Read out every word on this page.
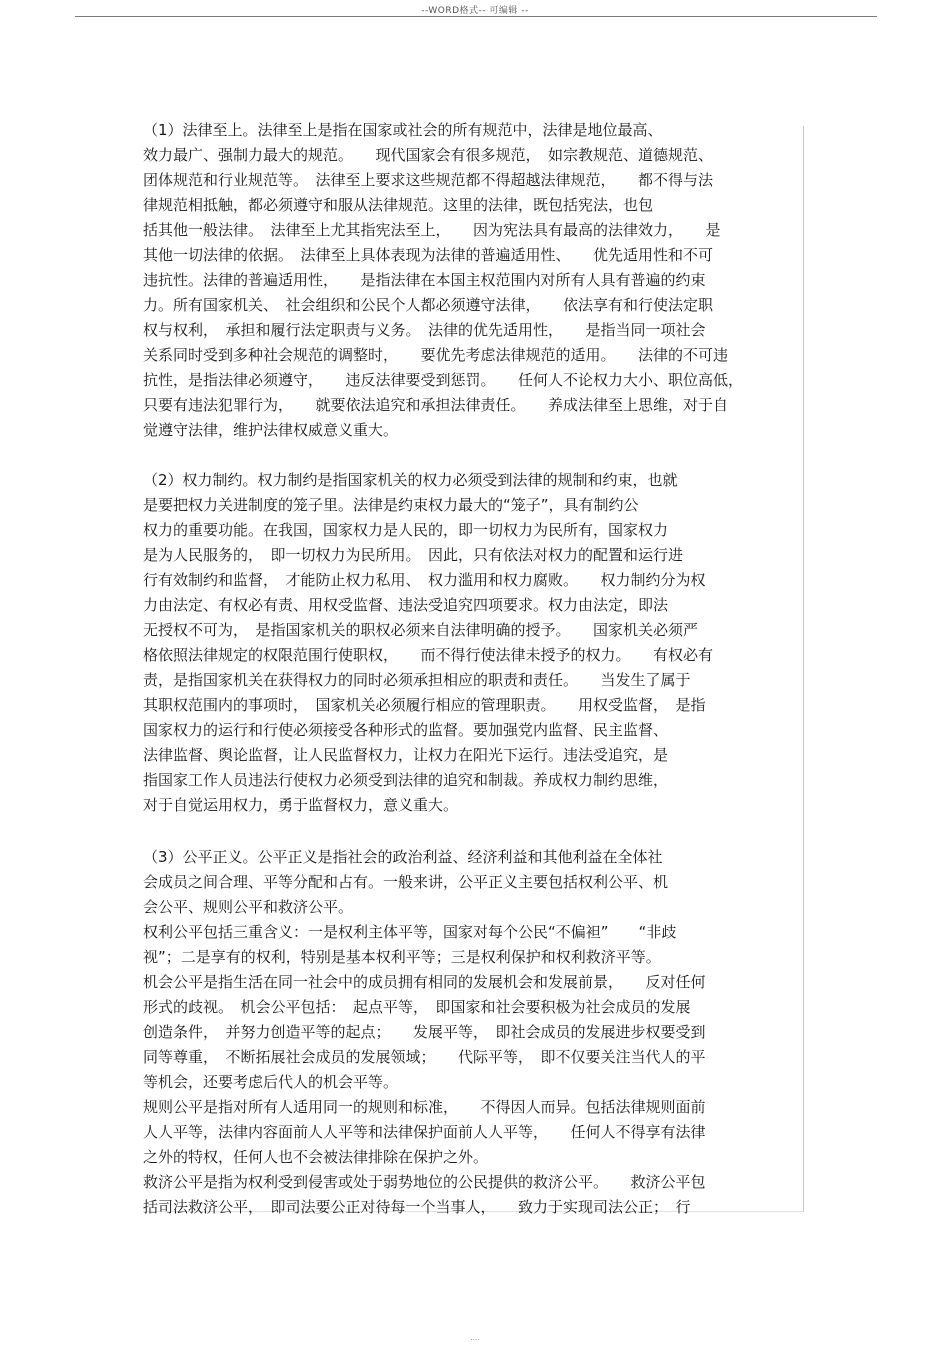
--WORD格式-- 可编辑 --
（1）法律至上。法律至上是指在国家或社会的所有规范中，法律是地位最高、
效力最广、强制力最大的规范。　　现代国家会有很多规范，　如宗教规范、道德规范、
团体规范和行业规范等。　法律至上要求这些规范都不得超越法律规范，　　都不得与法
律规范相抵触，都必须遵守和服从法律规范。这里的法律，既包括宪法，也包
括其他一般法律。　法律至上尤其指宪法至上，　　因为宪法具有最高的法律效力，　　是
其他一切法律的依据。　法律至上具体表现为法律的普遍适用性、　　优先适用性和不可
违抗性。法律的普遍适用性，　　是指法律在本国主权范围内对所有人具有普遍的约束
力。所有国家机关、　社会组织和公民个人都必须遵守法律，　　依法享有和行使法定职
权与权利，　承担和履行法定职责与义务。　法律的优先适用性，　　是指当同一项社会
关系同时受到多种社会规范的调整时，　　要优先考虑法律规范的适用。　　法律的不可违
抗性，是指法律必须遵守，　　违反法律要受到惩罚。　　任何人不论权力大小、职位高低，
只要有违法犯罪行为，　　就要依法追究和承担法律责任。　　养成法律至上思维，对于自
觉遵守法律，维护法律权威意义重大。
（2）权力制约。权力制约是指国家机关的权力必须受到法律的规制和约束，也就
是要把权力关进制度的笼子里。法律是约束权力最大的“笼子”，具有制约公
权力的重要功能。在我国，国家权力是人民的，即一切权力为民所有，国家权力
是为人民服务的，　即一切权力为民所用。　因此，只有依法对权力的配置和运行进
行有效制约和监督，　才能防止权力私用、　权力滥用和权力腐败。　　权力制约分为权
力由法定、有权必有责、用权受监督、违法受追究四项要求。权力由法定，即法
无授权不可为，　是指国家机关的职权必须来自法律明确的授予。　　国家机关必须严
格依照法律规定的权限范围行使职权，　　而不得行使法律未授予的权力。　　有权必有
责，是指国家机关在获得权力的同时必须承担相应的职责和责任。　　当发生了属于
其职权范围内的事项时，　国家机关必须履行相应的管理职责。　　用权受监督，　是指
国家权力的运行和行使必须接受各种形式的监督。要加强党内监督、民主监督、
法律监督、舆论监督，让人民监督权力，让权力在阳光下运行。违法受追究，是
指国家工作人员违法行使权力必须受到法律的追究和制裁。养成权力制约思维，
对于自觉运用权力，勇于监督权力，意义重大。
（3）公平正义。公平正义是指社会的政治利益、经济利益和其他利益在全体社
会成员之间合理、平等分配和占有。一般来讲，公平正义主要包括权利公平、机
会公平、规则公平和救济公平。
权利公平包括三重含义：一是权利主体平等，国家对每个公民“不偏袒”　　“非歧
视”；二是享有的权利，特别是基本权利平等；三是权利保护和权利救济平等。
机会公平是指生活在同一社会中的成员拥有相同的发展机会和发展前景，　　反对任何
形式的歧视。　机会公平包括：　起点平等，　即国家和社会要积极为社会成员的发展
创造条件，　并努力创造平等的起点；　　发展平等，　即社会成员的发展进步权要受到
同等尊重，　不断拓展社会成员的发展领域；　　代际平等，　即不仅要关注当代人的平
等机会，还要考虑后代人的机会平等。
规则公平是指对所有人适用同一的规则和标准，　　不得因人而异。包括法律规则面前
人人平等，法律内容面前人人平等和法律保护面前人人平等，　　任何人不得享有法律
之外的特权，任何人也不会被法律排除在保护之外。
救济公平是指为权利受到侵害或处于弱势地位的公民提供的救济公平。　　救济公平包
括司法救济公平，　即司法要公正对待每一个当事人，　　致力于实现司法公正；　行
....
